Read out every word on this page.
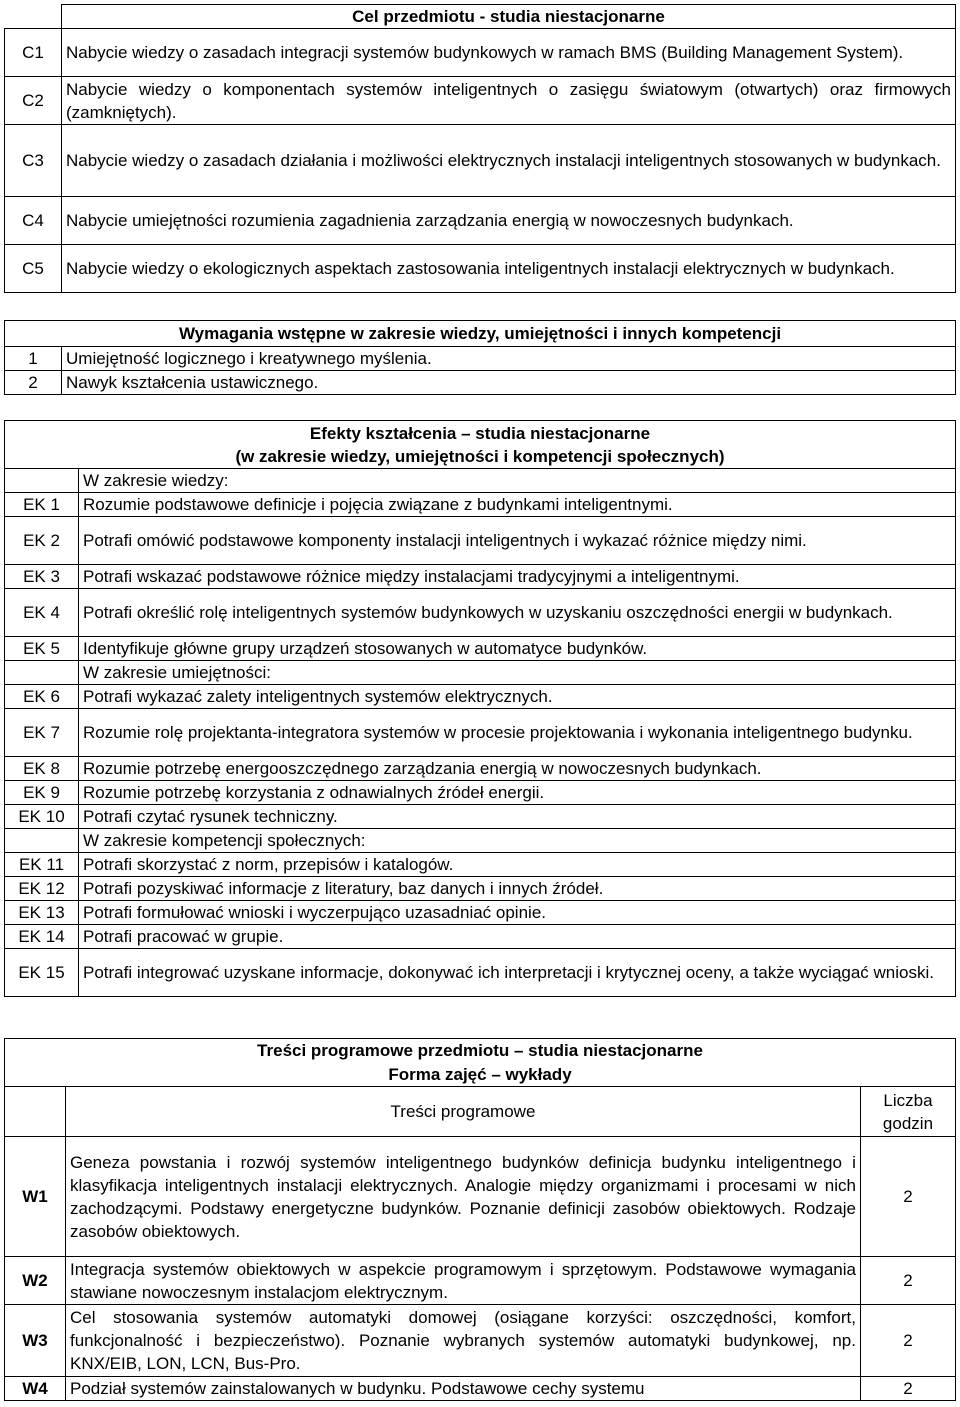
	Cel przedmiotu - studia niestacjonarne
C1	Nabycie wiedzy o zasadach integracji systemów budynkowych w ramach BMS (Building Management System).
C2	Nabycie wiedzy o komponentach systemów inteligentnych o zasięgu światowym (otwartych) oraz firmowych (zamkniętych).
C3	Nabycie wiedzy o zasadach działania i możliwości elektrycznych instalacji inteligentnych stosowanych w budynkach.
C4	Nabycie umiejętności rozumienia zagadnienia zarządzania energią w nowoczesnych budynkach.
C5	Nabycie wiedzy o ekologicznych aspektach zastosowania inteligentnych instalacji elektrycznych w budynkach.
Wymagania wstępne w zakresie wiedzy, umiejętności i innych kompetencji	
1	Umiejętność logicznego i kreatywnego myślenia.
2	Nawyk kształcenia ustawicznego.
Efekty kształcenia – studia niestacjonarne
(w zakresie wiedzy, umiejętności i kompetencji społecznych)	

	W zakresie wiedzy:
EK 1	Rozumie podstawowe definicje i pojęcia związane z budynkami inteligentnymi.
EK 2	Potrafi omówić podstawowe komponenty instalacji inteligentnych i wykazać różnice między nimi.
EK 3	Potrafi wskazać podstawowe różnice między instalacjami tradycyjnymi a inteligentnymi.
EK 4	Potrafi określić rolę inteligentnych systemów budynkowych w uzyskaniu oszczędności energii w budynkach.
EK 5	Identyfikuje główne grupy urządzeń stosowanych w automatyce budynków.
	W zakresie umiejętności:
EK 6	Potrafi wykazać zalety inteligentnych systemów elektrycznych.
EK 7	Rozumie rolę projektanta-integratora systemów w procesie projektowania i wykonania inteligentnego budynku.
EK 8	Rozumie potrzebę energooszczędnego zarządzania energią w nowoczesnych budynkach.
EK 9	Rozumie potrzebę korzystania z odnawialnych źródeł energii.
EK 10	Potrafi czytać rysunek techniczny.
	W zakresie kompetencji społecznych:
EK 11	Potrafi skorzystać z norm, przepisów i katalogów.
EK 12	Potrafi pozyskiwać informacje z literatury, baz danych i innych źródeł.
EK 13	Potrafi formułować wnioski i wyczerpująco uzasadniać opinie.
EK 14	Potrafi pracować w grupie.
EK 15	Potrafi integrować uzyskane informacje, dokonywać ich interpretacji i krytycznej oceny, a także wyciągać wnioski.
Treści programowe przedmiotu – studia niestacjonarne		
Forma zajęć – wykłady		
	Treści programowe	Liczba godzin
W1	Geneza powstania i rozwój systemów inteligentnego budynków definicja budynku inteligentnego i klasyfikacja inteligentnych instalacji elektrycznych. Analogie między organizmami i procesami w nich zachodzącymi. Podstawy energetyczne budynków. Poznanie definicji zasobów obiektowych. Rodzaje zasobów obiektowych.	2
W2	Integracja systemów obiektowych w aspekcie programowym i sprzętowym. Podstawowe wymagania stawiane nowoczesnym instalacjom elektrycznym.	2
W3	Cel stosowania systemów automatyki domowej (osiągane korzyści: oszczędności, komfort, funkcjonalność i bezpieczeństwo). Poznanie wybranych systemów automatyki budynkowej, np. KNX/EIB, LON, LCN, Bus-Pro.	2
W4	Podział systemów zainstalowanych w budynku. Podstawowe cechy systemu	2
